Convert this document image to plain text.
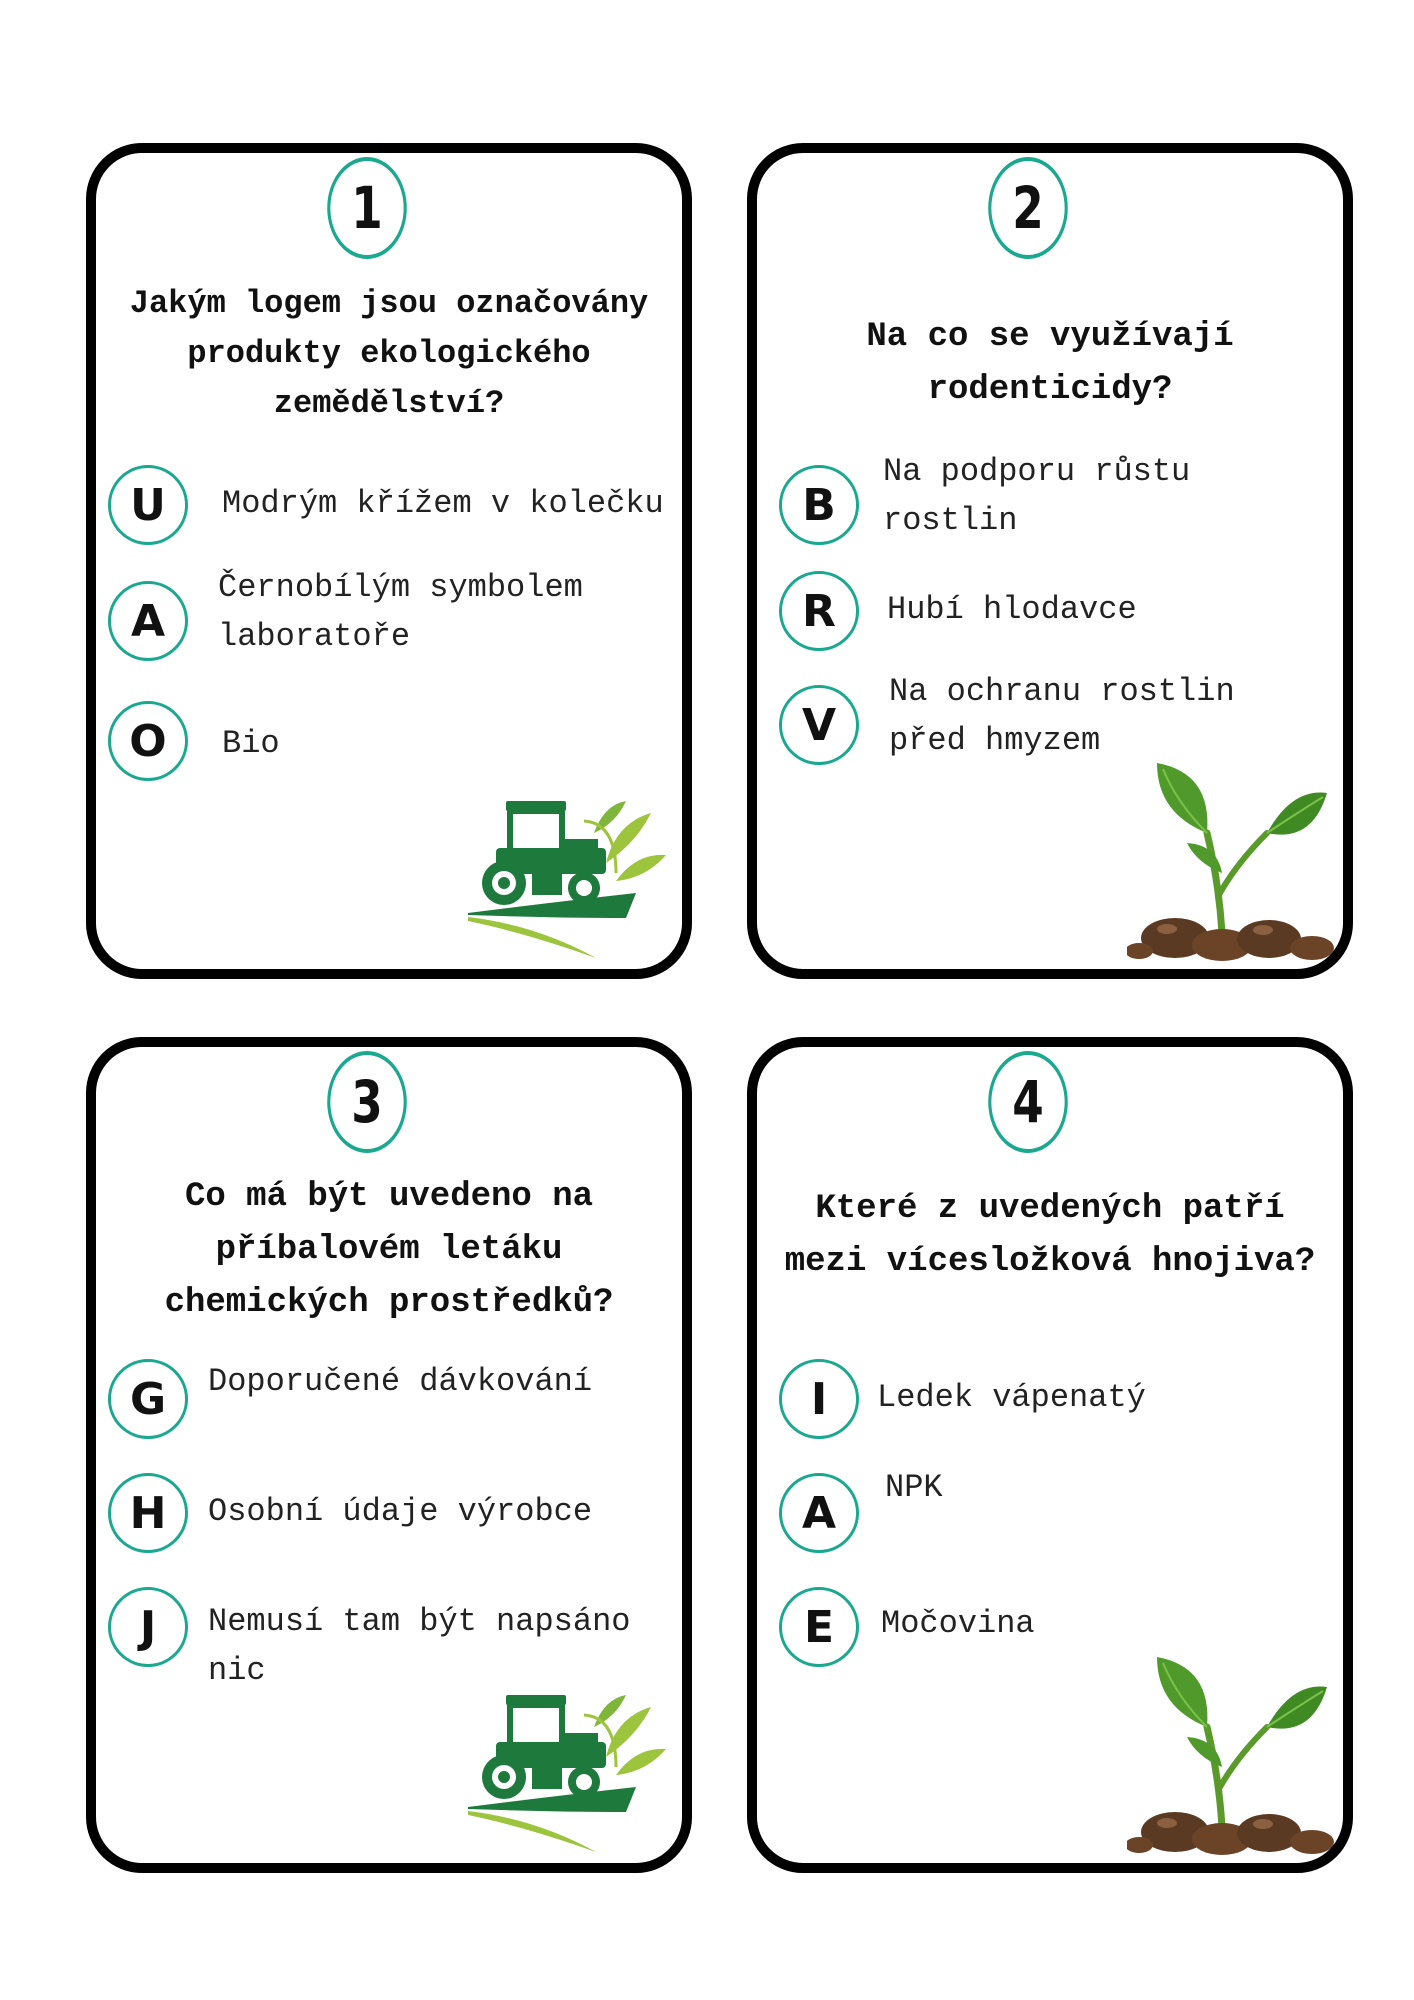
1
Jakým logem jsou označovány
produkty ekologického
zemědělství?
U	Modrým křížem v kolečku
A
Černobílým symbolem
laboratoře
O	Bio
2
Na co se využívají
rodenticidy?
B
Na podporu růstu
rostlin
R	Hubí hlodavce
V
Na ochranu rostlin
před hmyzem
3
Co má být uvedeno na
příbalovém letáku
chemických prostředků?
G	Doporučené dávkování
H	Osobní údaje výrobce
J	Nemusí tam být napsáno
nic
4
Které z uvedených patří
mezi vícesložková hnojiva?
I	Ledek vápenatý
A	NPK
E	Močovina
